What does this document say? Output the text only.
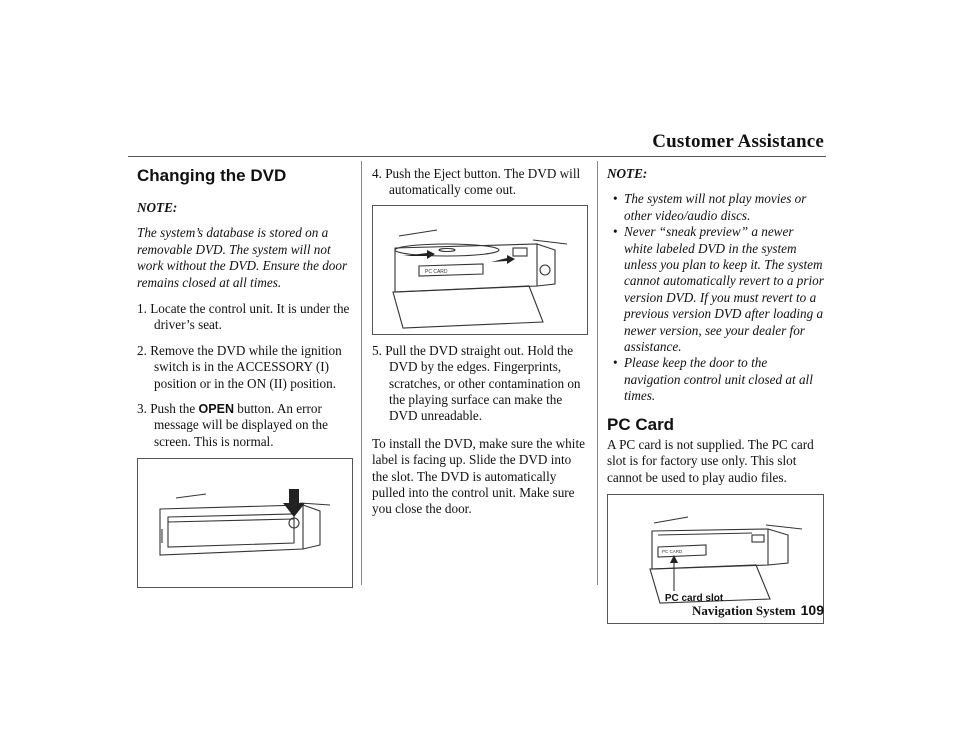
Customer Assistance
Changing the DVD

NOTE:

The system’s database is stored on a removable DVD. The system will not work without the DVD. Ensure the door remains closed at all times.

1. Locate the control unit. It is under the driver’s seat.

2. Remove the DVD while the ignition switch is in the ACCESSORY (I) position or in the ON (II) position.

3. Push the OPEN button. An error message will be displayed on the screen. This is normal.

4. Push the Eject button. The DVD will automatically come out.

PC CARD

5. Pull the DVD straight out. Hold the DVD by the edges. Fingerprints, scratches, or other contamination on the playing surface can make the DVD unreadable.

To install the DVD, make sure the white label is facing up. Slide the DVD into the slot. The DVD is automatically pulled into the control unit. Make sure you close the door.

NOTE:

• The system will not play movies or other video/audio discs.
• Never “sneak preview” a newer white labeled DVD in the system unless you plan to keep it. The system cannot automatically revert to a prior version DVD. If you must revert to a previous version DVD after loading a newer version, see your dealer for assistance.
• Please keep the door to the navigation control unit closed at all times.
PC Card

A PC card is not supplied. The PC card slot is for factory use only. This slot cannot be used to play audio files.

PC CARD
PC card slot
Navigation System 109
